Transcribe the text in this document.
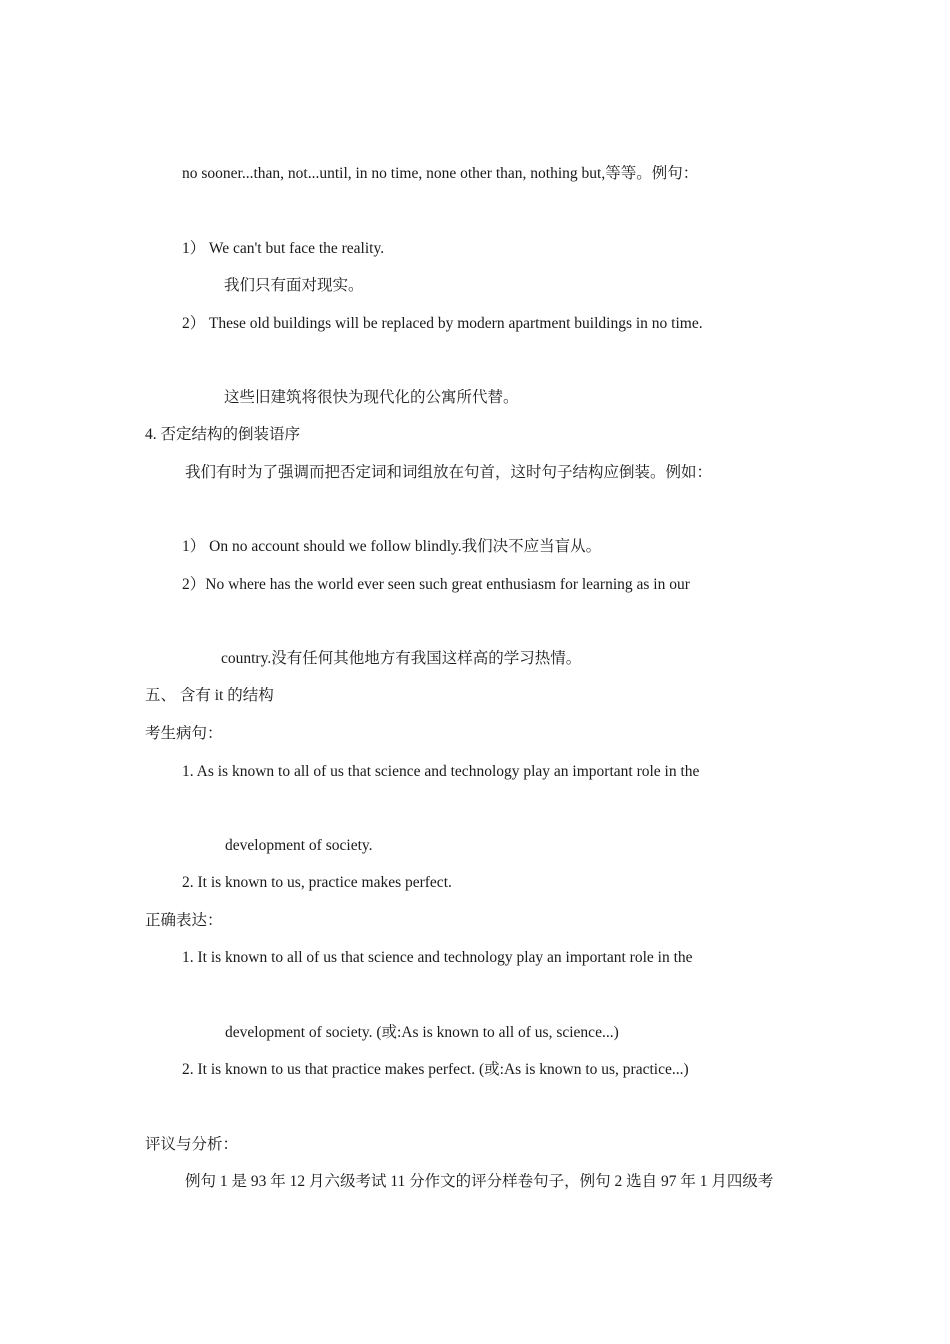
no sooner...than, not...until, in no time, none other than, nothing but,等等。例句：
1） We can't but face the reality.
我们只有面对现实。
2） These old buildings will be replaced by modern apartment buildings in no time.
这些旧建筑将很快为现代化的公寓所代替。
4. 否定结构的倒装语序
我们有时为了强调而把否定词和词组放在句首，这时句子结构应倒装。例如：
1） On no account should we follow blindly.我们决不应当盲从。
2）No where has the world ever seen such great enthusiasm for learning as in our
country.没有任何其他地方有我国这样高的学习热情。
五、 含有 it 的结构
考生病句：
1. As is known to all of us that science and technology play an important role in the
development of society.
2. It is known to us, practice makes perfect.
正确表达：
1. It is known to all of us that science and technology play an important role in the
development of society. (或:As is known to all of us, science...)
2. It is known to us that practice makes perfect. (或:As is known to us, practice...)
评议与分析：
例句 1 是 93 年 12 月六级考试 11 分作文的评分样卷句子，例句 2 选自 97 年 1 月四级考
